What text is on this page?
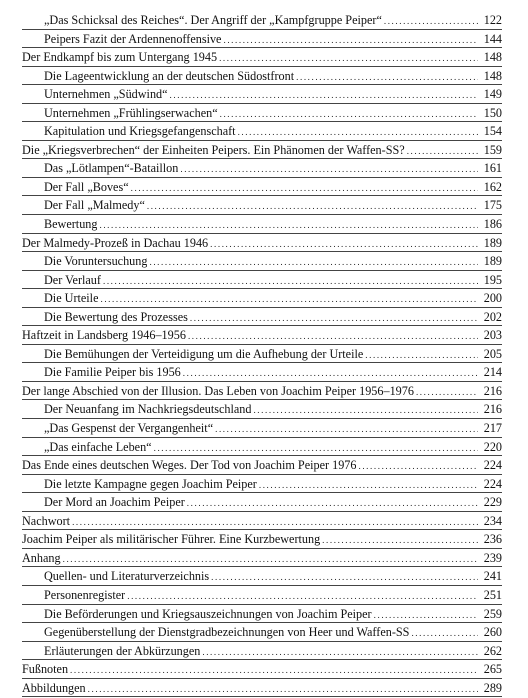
„Das Schicksal des Reiches“. Der Angriff der „Kampfgruppe Peiper“ .....	122
Peipers Fazit der Ardennenoffensive .....	144
Der Endkampf bis zum Untergang 1945 .....	148
Die Lageentwicklung an der deutschen Südostfront .....	148
Unternehmen „Südwind“ .....	149
Unternehmen „Frühlingserwachen“ .....	150
Kapitulation und Kriegsgefangenschaft .....	154
Die „Kriegsverbrechen“ der Einheiten Peipers. Ein Phänomen der Waffen-SS? .....	159
Das „Lötlampen“-Bataillon .....	161
Der Fall „Boves“ .....	162
Der Fall „Malmedy“ .....	175
Bewertung .....	186
Der Malmedy-Prozeß in Dachau 1946 .....	189
Die Voruntersuchung .....	189
Der Verlauf .....	195
Die Urteile .....	200
Die Bewertung des Prozesses .....	202
Haftzeit in Landsberg 1946–1956 .....	203
Die Bemühungen der Verteidigung um die Aufhebung der Urteile .....	205
Die Familie Peiper bis 1956 .....	214
Der lange Abschied von der Illusion. Das Leben von Joachim Peiper 1956–1976 .....	216
Der Neuanfang im Nachkriegsdeutschland .....	216
„Das Gespenst der Vergangenheit“ .....	217
„Das einfache Leben“ .....	220
Das Ende eines deutschen Weges. Der Tod von Joachim Peiper 1976 .....	224
Die letzte Kampagne gegen Joachim Peiper .....	224
Der Mord an Joachim Peiper .....	229
Nachwort .....	234
Joachim Peiper als militärischer Führer. Eine Kurzbewertung .....	236
Anhang .....	239
Quellen- und Literaturverzeichnis .....	241
Personenregister .....	251
Die Beförderungen und Kriegsauszeichnungen von Joachim Peiper .....	259
Gegenüberstellung der Dienstgradbezeichnungen von Heer und Waffen-SS .....	260
Erläuterungen der Abkürzungen .....	262
Fußnoten .....	265
Abbildungen .....	289
